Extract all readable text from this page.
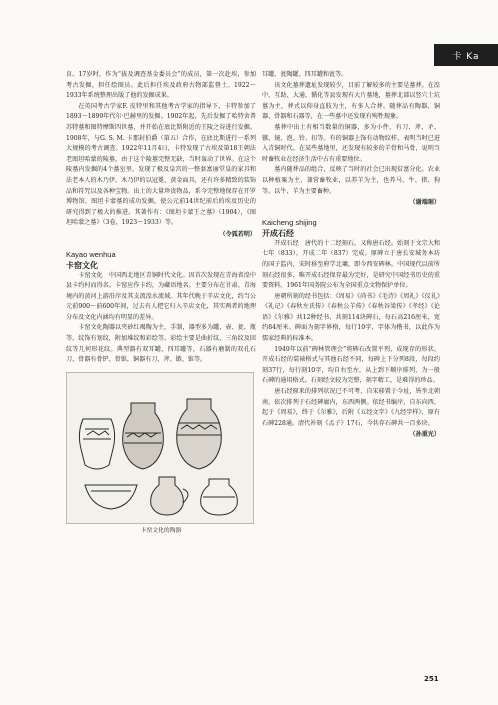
卡 Ka

育。17岁时，作为“拔及调查基金委员会”的成员，第一次赴埃，参加考古发掘，担任绘图员。此后担任埃及政府古物部监督土。1922～1933年系统整理出版了他的发掘成果。

在英国考古学家F. 皮特里和其他考古学家的指导下，卡特参加了1893～1899年代尔·巴赫里的发掘。1902年起，先后发掘了哈特舍普苏特墓和图特摩斯四世墓，并开始在底比斯附近的王陵之谷进行发掘。1908年，与G. S. M. 卡那封伯爵（第五）合作，在底比斯进行一系列大规模的考古调查。1922年11月4日，卡特发现了古埃及第18王朝法老图坦哈蒙的陵墓，由于这个陵墓完整无缺，当时轰动了世界。在这个陵墓内发掘的4个墓室里，发现了极及皇宫的一整套富丽堂皇的家具和法老本人的木乃伊。木乃伊的以冠冕、黄金面具，还有许多精致的装饰品和符咒以及各种宝物。出土的大量珍贵物品，系今完整地保存在开罗博物馆，图坦卡蒙墓的成功发掘，使公元前14世纪前后的埃及历史的研究得到了极大的推进。其著作有：《图坦卡蒙王之墓》（1904），《图坦哈蒙之墓》（3卷，1923～1933）等。

（令狐若明）
Kayao wenhua
卡窑文化

卡窑文化　中国西北地区青铜时代文化。因首次发现在青海省湟中县卡约村而得名。卡窑应作卡约，为藏语地名。主要分布在甘肃、青海境内的黄河上游沿岸及其支流湟水流域。其年代晚于辛店文化，约当公元前900～前600年间，过去有人把它归入辛店文化，其实两者的地理分布及文化内涵均有明显的差异。

卡窑文化陶器以夹砂红褐陶为主，手制，器型多为罐、壶、瓮、瓶等，纹饰有划纹，附加堆纹和彩绘等。彩绘主要是曲折纹、三角纹及回纹等几何形花纹。典型器有双耳罐、四耳罐等，石器有磨制的双孔石刀，骨器有骨铲、骨锥，铜器有刀、斧、镞、锥等。

卡窑文化的陶器

耳罐、瓮陶罐、四耳罐和瓮等。

该文化墓葬遗址发现较少，目前了解较多的主要是墓葬。在湟中、互助、大通、循化等县发现有大片墓地，墓葬北部以竖穴土坑墓为主，葬式以仰身直肢为主，有多人合葬。随葬品有陶器、铜器、骨器和石器等，在一些墓中还发现有殉牲现象。

墓葬中出土有相当数量的铜器，多为小件，有刀、斧、矛、镞、镜、泡、铃、扣等。有的铜器上饰有动物纹样，表明当时已进入青铜时代。在某些墓地里，还发现有较多的羊骨和马骨，说明当时畜牧业在经济生活中占有重要地位。

墓内随葬品的组合，反映了当时的社会已出现贫富分化。农业以种植粟为主，兼营畜牧业，以养羊为主，也养马、牛、猪、狗等。以牛、羊为主要畜种。

（谢端琚）
Kaicheng shijing
开成石经

开成石经　唐代的十二经刻石，又称唐石经。始刻于文宗大和七年（833），开成二年（837）完成。原碑立于唐长安城务本坊的国子监内，宋时移至府学北墉，即今西安碑林。中国现代以前所刻石经很多，唯开成石经保存最为完好，是研究中国经书历史的重要资料。1961年国务院公布为全国重点文物保护单位。

唐朝所刻的经书包括：《周易》《尚书》《毛诗》《周礼》《仪礼》《礼记》《春秋左氏传》《春秋公羊传》《春秋谷梁传》《孝经》《论语》《尔雅》共12种经书，共刻114块碑石，每石高216厘米，宽约84厘米。碑面为刻字界格，每行10字，字体为楷书，以此作为儒家经典的标准本。

1949年以前“碑林管理会”将碑石改置平列，成现存的形状。开成石经的装裱格式与其他石经不同，每碑上下分列8段，每段约刻37行，每行刻10字，均自右至左，从上到下顺序排列，为一般石碑的通用格式。石刻经文较为完整，刻字精工，是难得的珍品。

唐石经原来的排列状况已不可考，自宋移置于今址，皆坐北朝南，依次排列于石经碑廊内，东西两侧。依经书编序，自东向西，起于《周易》，终于《尔雅》，后附《五经文字》《九经字样》，原有石碑228通。清代补刻《孟子》17石，今共存石碑共一百多块。

（孙重光）
251
